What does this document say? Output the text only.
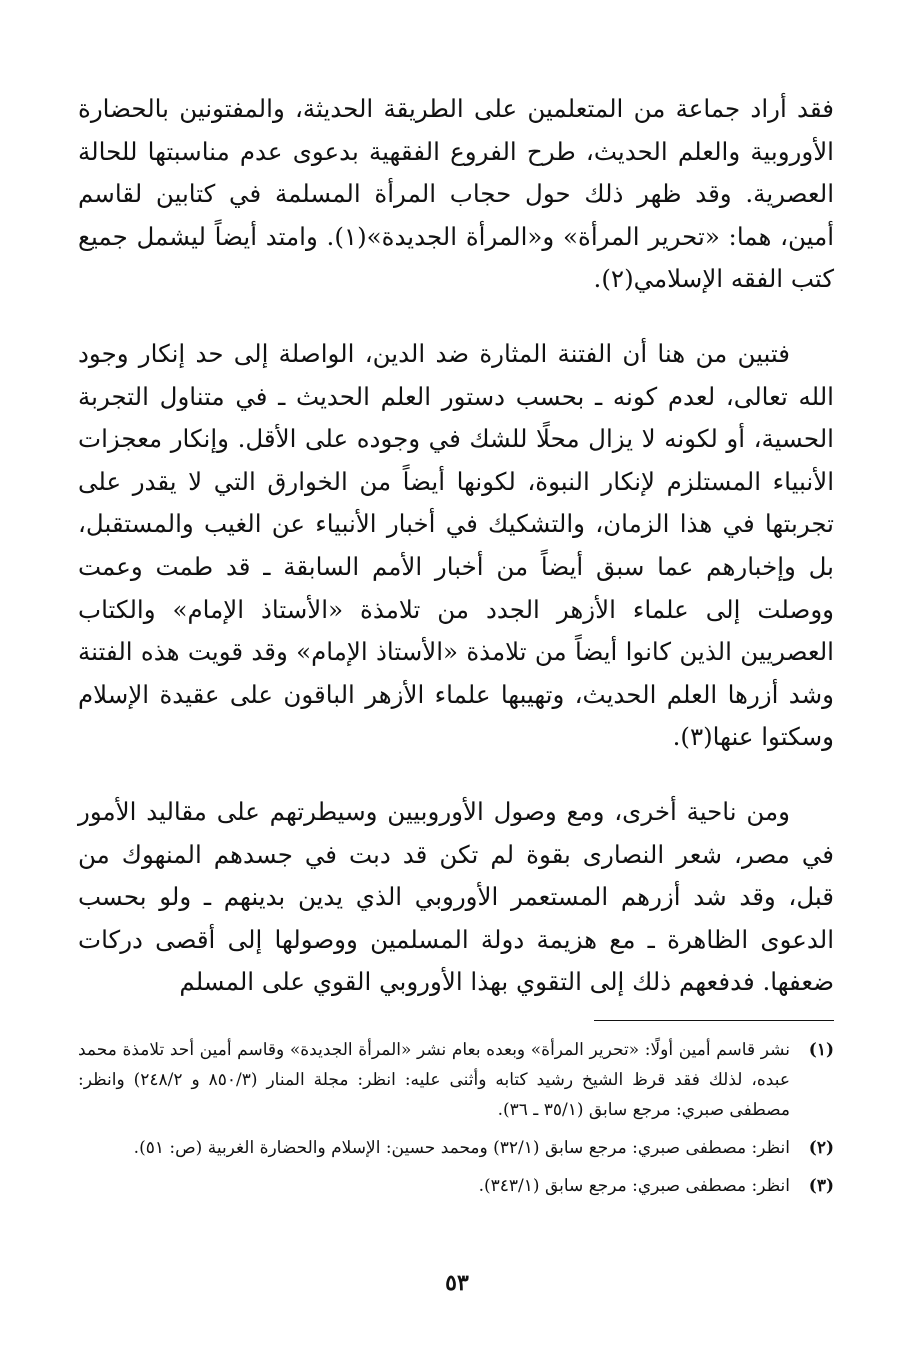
فقد أراد جماعة من المتعلمين على الطريقة الحديثة، والمفتونين بالحضارة الأوروبية والعلم الحديث، طرح الفروع الفقهية بدعوى عدم مناسبتها للحالة العصرية. وقد ظهر ذلك حول حجاب المرأة المسلمة في كتابين لقاسم أمين، هما: «تحرير المرأة» و«المرأة الجديدة»(١). وامتد أيضاً ليشمل جميع كتب الفقه الإسلامي(٢).

فتبين من هنا أن الفتنة المثارة ضد الدين، الواصلة إلى حد إنكار وجود الله تعالى، لعدم كونه ـ بحسب دستور العلم الحديث ـ في متناول التجربة الحسية، أو لكونه لا يزال محلًا للشك في وجوده على الأقل. وإنكار معجزات الأنبياء المستلزم لإنكار النبوة، لكونها أيضاً من الخوارق التي لا يقدر على تجربتها في هذا الزمان، والتشكيك في أخبار الأنبياء عن الغيب والمستقبل، بل وإخبارهم عما سبق أيضاً من أخبار الأمم السابقة ـ قد طمت وعمت ووصلت إلى علماء الأزهر الجدد من تلامذة «الأستاذ الإمام» والكتاب العصريين الذين كانوا أيضاً من تلامذة «الأستاذ الإمام» وقد قويت هذه الفتنة وشد أزرها العلم الحديث، وتهيبها علماء الأزهر الباقون على عقيدة الإسلام وسكتوا عنها(٣).

ومن ناحية أخرى، ومع وصول الأوروبيين وسيطرتهم على مقاليد الأمور في مصر، شعر النصارى بقوة لم تكن قد دبت في جسدهم المنهوك من قبل، وقد شد أزرهم المستعمر الأوروبي الذي يدين بدينهم ـ ولو بحسب الدعوى الظاهرة ـ مع هزيمة دولة المسلمين ووصولها إلى أقصى دركات ضعفها. فدفعهم ذلك إلى التقوي بهذا الأوروبي القوي على المسلم

(١)

نشر قاسم أمين أولًا: «تحرير المرأة» وبعده بعام نشر «المرأة الجديدة» وقاسم أمين أحد تلامذة محمد عبده، لذلك فقد قرظ الشيخ رشيد كتابه وأثنى عليه: انظر: مجلة المنار (٨٥٠/٣ و ٢٤٨/٢) وانظر: مصطفى صبري: مرجع سابق (٣٥/١ ـ ٣٦).

(٢)

انظر: مصطفى صبري: مرجع سابق (٣٢/١) ومحمد حسين: الإسلام والحضارة الغربية (ص: ٥١).

(٣)

انظر: مصطفى صبري: مرجع سابق (٣٤٣/١).

٥٣
